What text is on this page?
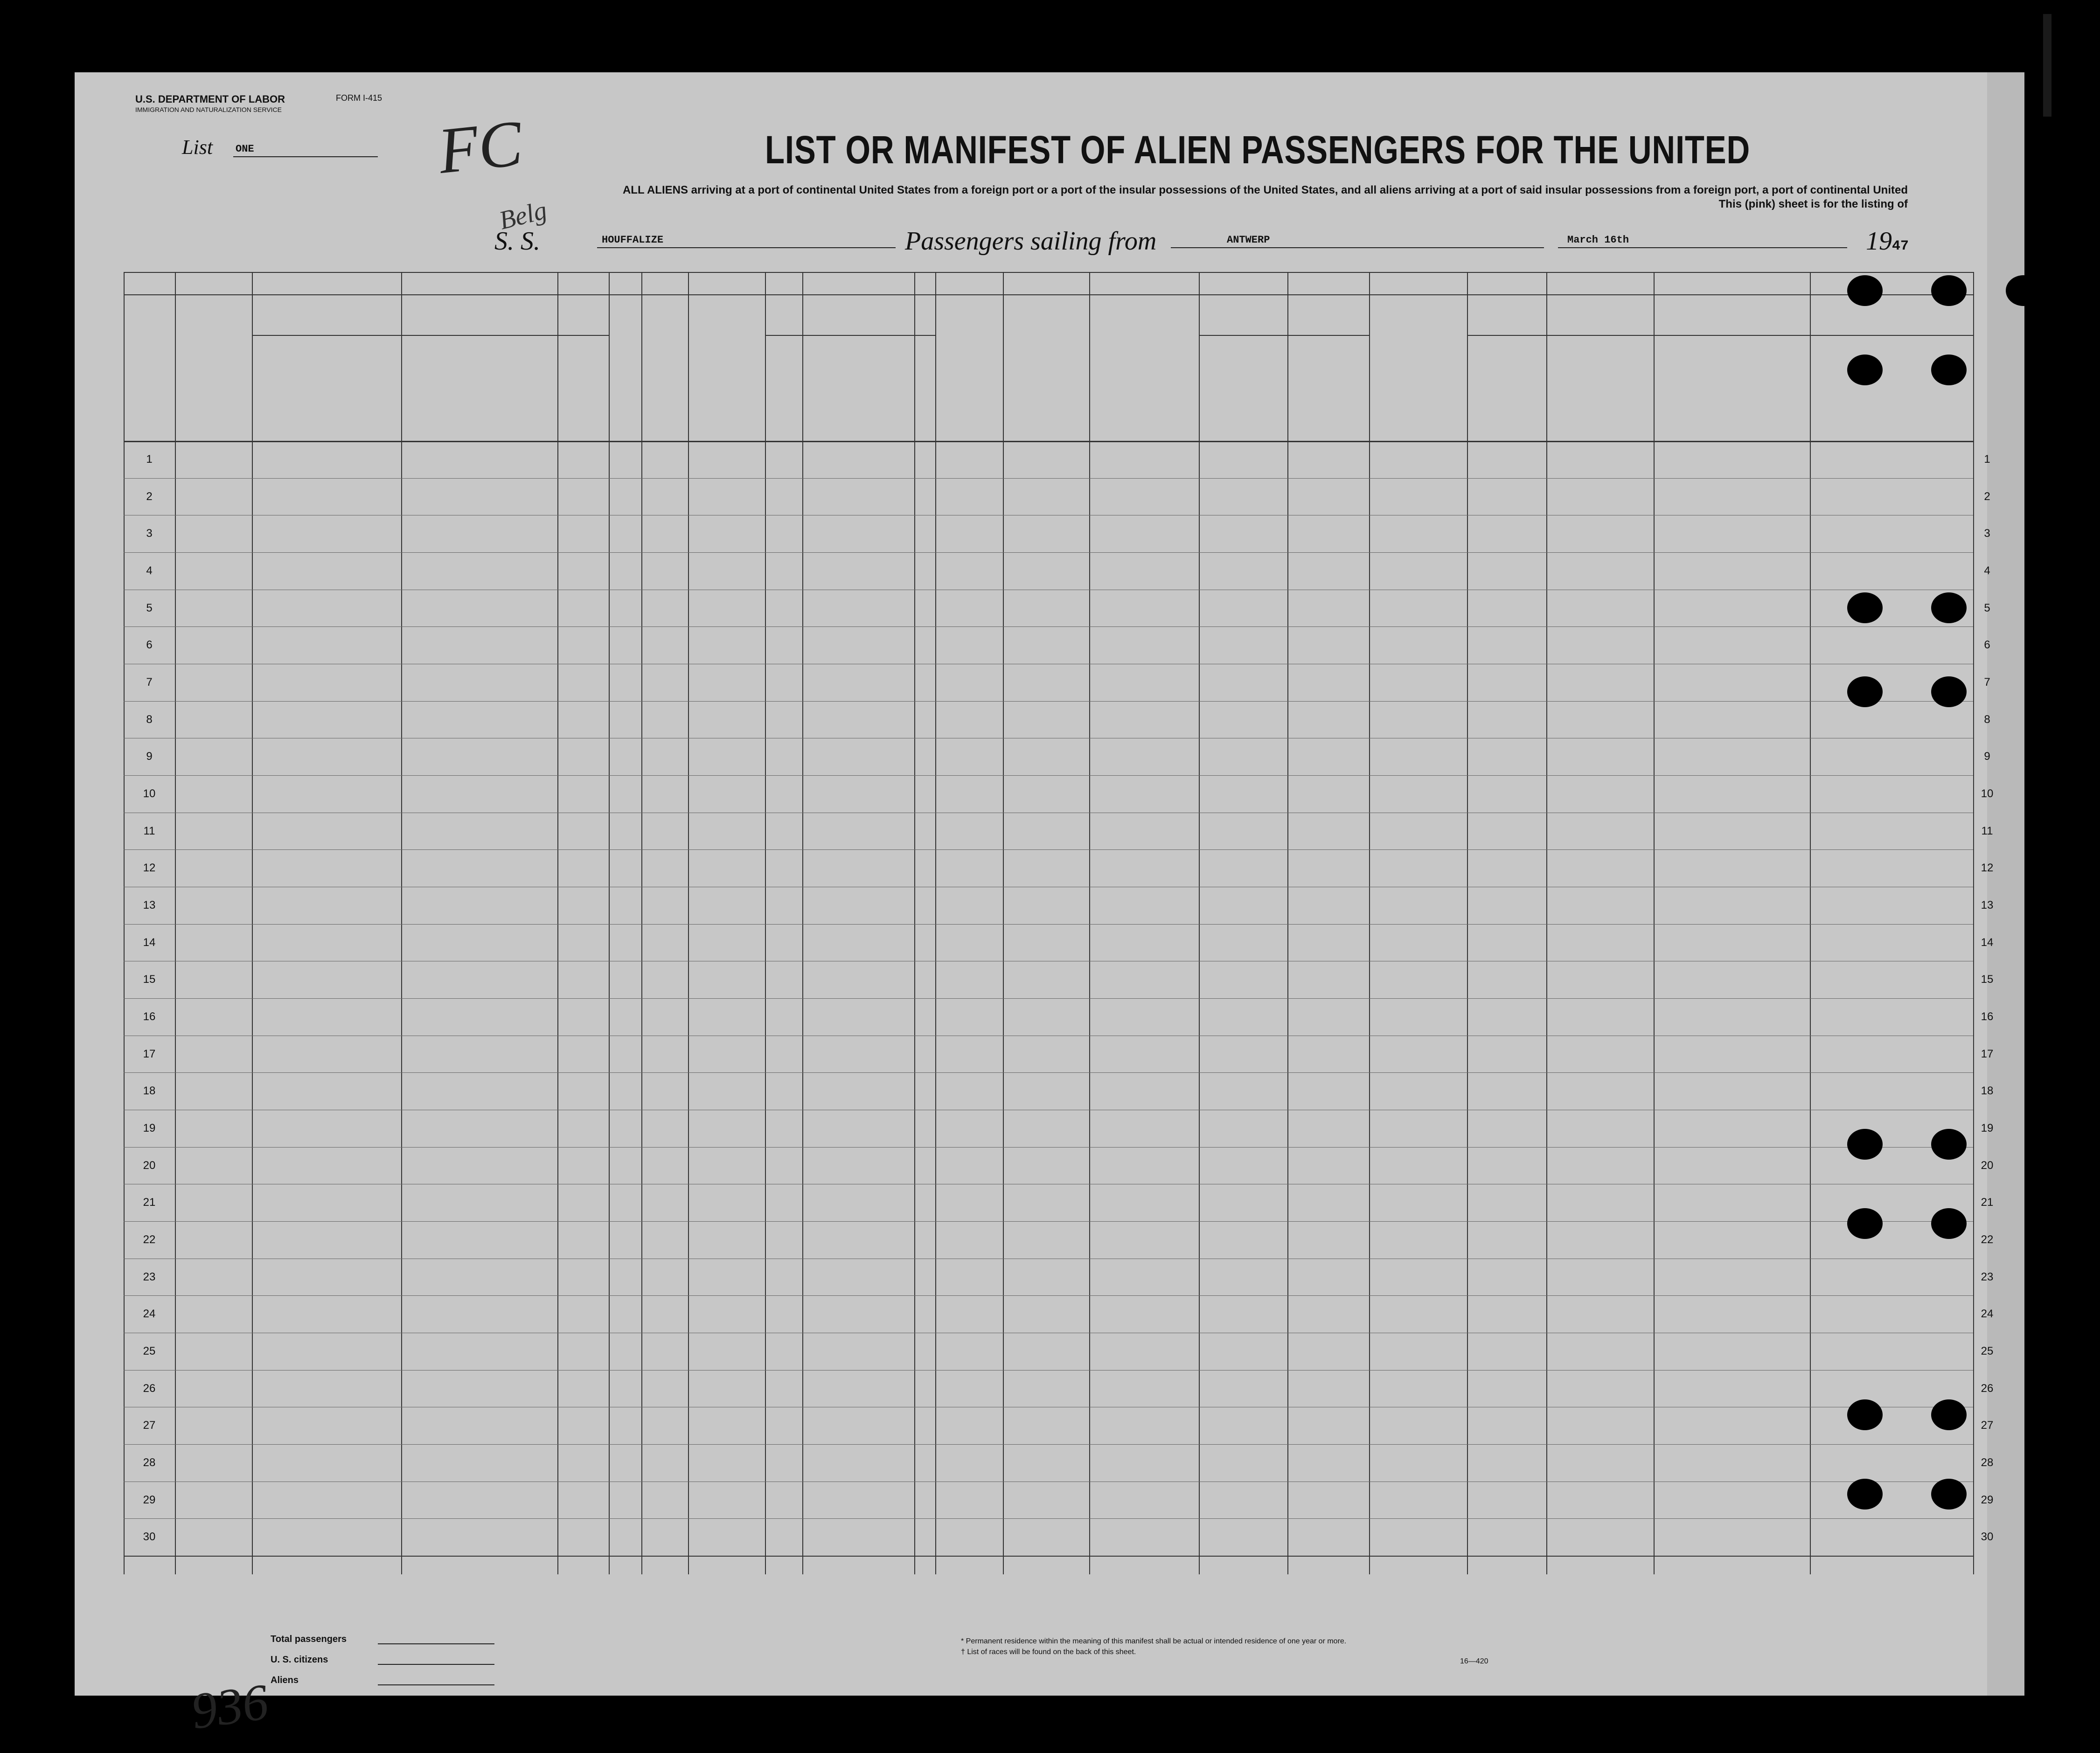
U.S. DEPARTMENT OF LABOR
IMMIGRATION AND NATURALIZATION SERVICE
FORM I-415
List ONE	FC	LIST OR MANIFEST OF ALIEN PASSENGERS FOR THE UNITED
ALL ALIENS arriving at a port of continental United States from a foreign port or a port of the insular possessions of the United States, and all aliens arriving at a port of said insular possessions from a foreign port, a port of continental United
This (pink) sheet is for the listing of
Belg
S. S.	HOUFFALIZE	Passengers sailing from	ANTWERP	March 16th	1947
1	1
2	2
3	3
4	4
5	5
6	6
7	7
8	8
9	9
10	10
11	11
12	12
13	13
14	14
15	15
16	16
17	17
18	18
19	19
20	20
21	21
22	22
23	23
24	24
25	25
26	26
27	27
28	28
29	29
30	30
Total passengers
U. S. citizens
Aliens
* Permanent residence within the meaning of this manifest shall be actual or intended residence of one year or more.
† List of races will be found on the back of this sheet.
16—420
936
